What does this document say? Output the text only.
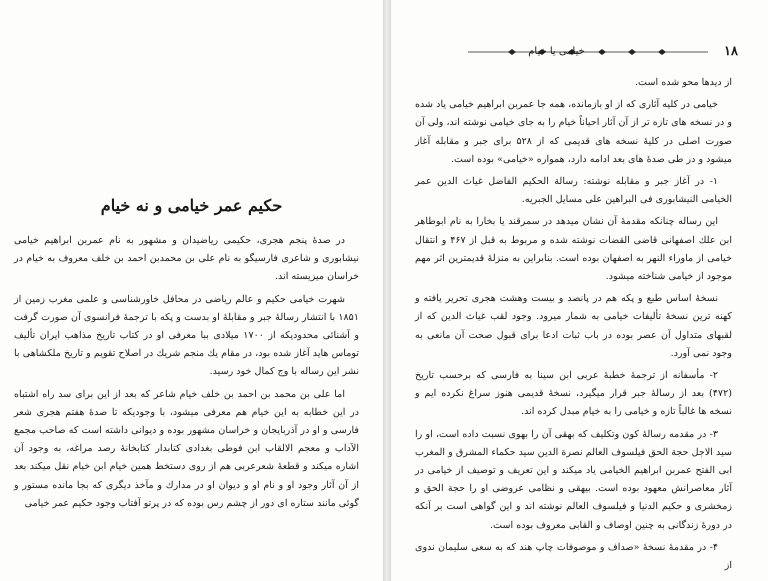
حکیم عمر خیامی و نه خیام

در صدهٔ پنجم هجری، حکیمی ریاضیدان و مشهور به نام عمربن ابراهیم خیامی نیشابوری و شاعری فارسیگو به نام علی بن محمدبن احمد بن خلف معروف به خیام در خراسان میزیسته اند.

شهرت خیامی حکیم و عالم ریاضی در محافل خاورشناسی و علمی مغرب زمین از ۱۸۵۱ با انتشار رسالهٔ جبر و مقابلهٔ او بدست و پکه با ترجمهٔ فرانسوی آن صورت گرفت و آشنائی محدودیکه از ۱۷۰۰ میلادی ببا معرفی او در کتاب تاریخ مذاهب ایران تألیف توماس هاید آغاز شده بود، در مقام یك منجم شریك در اصلاح تقویم و تاریخ ملکشاهی با نشر این رساله با وج کمال خود رسید.

اما علی بن محمد بن احمد بن خلف خیام شاعر که بعد از این برای سد راه اشتباه در این خطابه به این خیام هم معرفی میشود، با وجودیکه تا صدهٔ هفتم هجری شعر فارسی و او در آذربایجان و خراسان مشهور بوده و دیوانی داشته است که صاحب مجمع الآداب و معجم الالقاب ابن فوطی بغدادی کتابدار کتابخانهٔ رصد مراغه، به وجود آن اشاره میکند و قطعهٔ شعرعربی هم از روی دستخط همین خیام ابن خیام نقل میکند بعد از آن آثار وجود او و نام او و دیوان او در مدارك و مآخذ دیگری که بجا مانده مستور و گوئی مانند ستاره ای دور از چشم رس بوده که در پرتو آفتاب وجود حکیم عمر خیامی

۱۸
خیامی یا خیام

از دیدها محو شده است.

خیامی در کلیه آثاری که از او بازمانده، همه جا عمربن ابراهیم خیامی یاد شده و در نسخه های تازه تر از آن آثار احیاناً خیام را به جای خیامی نوشته اند، ولی آن صورت اصلی در کلیهٔ نسخه های قدیمی که از ۵۲۸ برای جبر و مقابله آغاز میشود و در طی صدهٔ های بعد ادامه دارد، همواره «خیامی» بوده است.

۱- در آغاز جبر و مقابله نوشته: رسالة الحکیم الفاضل غیاث الدین عمر الخیامی النیشابوری فی البراهین علی مسایل الجبریه.

این رساله چنانکه مقدمهٔ آن نشان میدهد در سمرقند یا بخارا به نام ابوطاهر ابن علك اصفهانی قاضی القضات نوشته شده و مربوط به قبل از ۴۶۷ و انتقال خیامی از ماوراء النهر به اصفهان بوده است. بنابراین به منزلهٔ قدیمترین اثر مهم موجود از خیامی شناخته میشود.

نسخهٔ اساس طبع و پکه هم در پانصد و بیست وهشت هجری تحریر یافته و کهنه ترین نسخهٔ تألیفات خیامی به شمار میرود. وجود لقب غیاث الدین که از لقبهای متداول آن عصر بوده در باب ثبات ادعا برای قبول صحت آن مانعی به وجود نمی آورد.

۲- مأسفانه از ترجمهٔ خطبهٔ عربی ابن سینا به فارسی که برحسب تاریخ (۴۷۲) بعد از رسالهٔ جبر قرار میگیرد، نسخهٔ قدیمی هنوز سراغ نکرده ایم و نسخه ها غالباً تازه و خیامی را به خیام مبدل کرده اند.

۳- در مقدمه رسالهٔ کون وتکلیف که بهقی آن را بهوی نسبت داده است، او را سید الاجل حجة الحق فیلسوف العالم نصرة الدین سید حکماء المشرق و المغرب ابی الفتح عمربن ابراهیم الخیامی یاد میکند و این تعریف و توصیف از خیامی در آثار معاصرانش معهود بوده است. بیهقی و نظامی عروضی او را حجة الحق و زمخشری و حکیم الدنیا و فیلسوف العالم نوشته اند و این گواهی است بر آنکه در دورهٔ زندگانی به چنین اوصاف و القابی معروف بوده است.

۴- در مقدمهٔ نسخهٔ «صداف و موصوفات چاپ هند که به سعی سلیمان ندوی از
